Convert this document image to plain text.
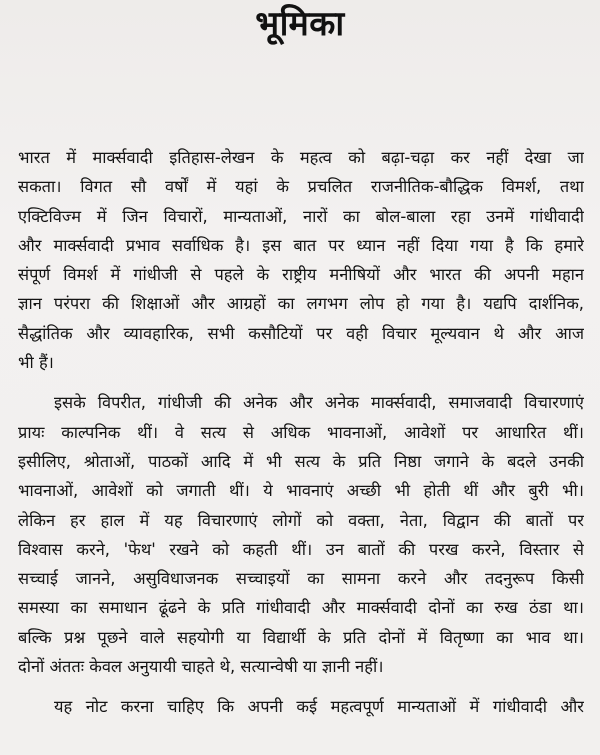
भूमिका
भारत में मार्क्सवादी इतिहास-लेखन के महत्व को बढ़ा-चढ़ा कर नहीं देखा जा
सकता। विगत सौ वर्षों में यहां के प्रचलित राजनीतिक-बौद्धिक विमर्श, तथा
एक्टिविज्म में जिन विचारों, मान्यताओं, नारों का बोल-बाला रहा उनमें गांधीवादी
और मार्क्सवादी प्रभाव सर्वाधिक है। इस बात पर ध्यान नहीं दिया गया है कि हमारे
संपूर्ण विमर्श में गांधीजी से पहले के राष्ट्रीय मनीषियों और भारत की अपनी महान
ज्ञान परंपरा की शिक्षाओं और आग्रहों का लगभग लोप हो गया है। यद्यपि दार्शनिक,
सैद्धांतिक और व्यावहारिक, सभी कसौटियों पर वही विचार मूल्यवान थे और आज
भी हैं।
इसके विपरीत, गांधीजी की अनेक और अनेक मार्क्सवादी, समाजवादी विचारणाएं
प्रायः काल्पनिक थीं। वे सत्य से अधिक भावनाओं, आवेशों पर आधारित थीं।
इसीलिए, श्रोताओं, पाठकों आदि में भी सत्य के प्रति निष्ठा जगाने के बदले उनकी
भावनाओं, आवेशों को जगाती थीं। ये भावनाएं अच्छी भी होती थीं और बुरी भी।
लेकिन हर हाल में यह विचारणाएं लोगों को वक्ता, नेता, विद्वान की बातों पर
विश्वास करने, 'फेथ' रखने को कहती थीं। उन बातों की परख करने, विस्तार से
सच्चाई जानने, असुविधाजनक सच्चाइयों का सामना करने और तदनुरूप किसी
समस्या का समाधान ढूंढने के प्रति गांधीवादी और मार्क्सवादी दोनों का रुख ठंडा था।
बल्कि प्रश्न पूछने वाले सहयोगी या विद्यार्थी के प्रति दोनों में वितृष्णा का भाव था।
दोनों अंततः केवल अनुयायी चाहते थे, सत्यान्वेषी या ज्ञानी नहीं।
यह नोट करना चाहिए कि अपनी कई महत्वपूर्ण मान्यताओं में गांधीवादी और
